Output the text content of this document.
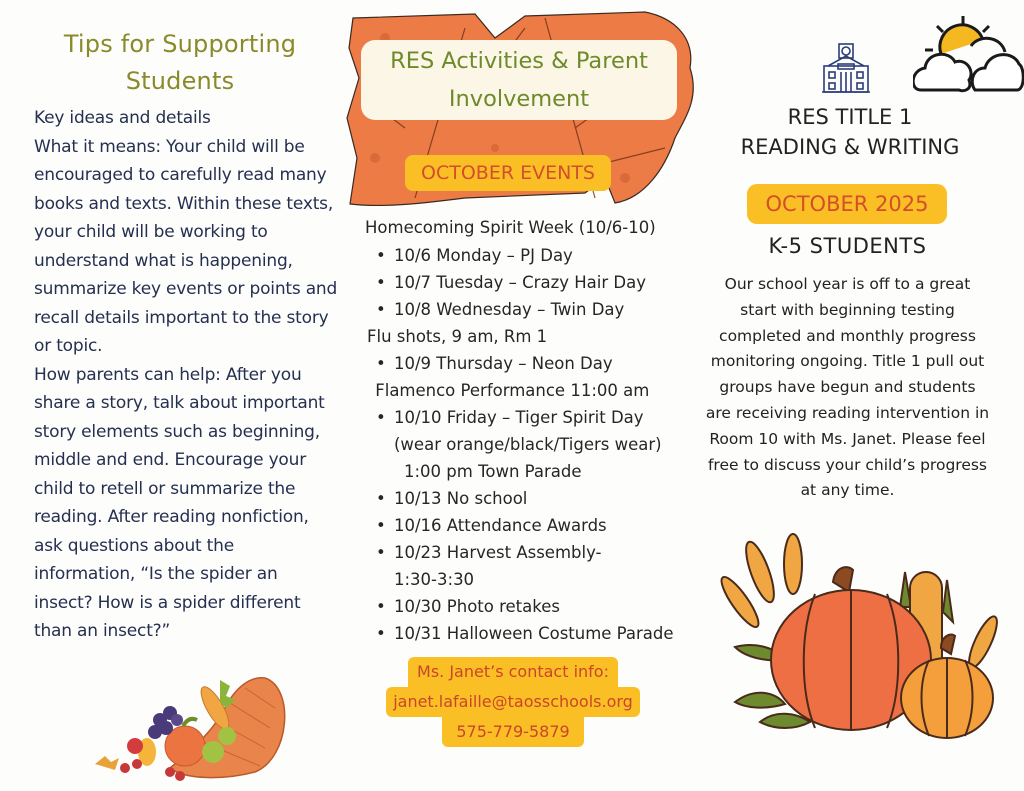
Tips for Supporting Students

Key ideas and details

What it means: Your child will be encouraged to carefully read many books and texts. Within these texts, your child will be working to understand what is happening, summarize key events or points and recall details important to the story or topic.

How parents can help: After you share a story, talk about important story elements such as beginning, middle and end. Encourage your child to retell or summarize the reading. After reading nonfiction, ask questions about the information, “Is the spider an insect? How is a spider different than an insect?”

RES Activities & Parent
Involvement
OCTOBER EVENTS
Homecoming Spirit Week (10/6-10)
• 10/6 Monday – PJ Day
• 10/7 Tuesday – Crazy Hair Day
• 10/8 Wednesday – Twin Day
Flu shots, 9 am, Rm 1
• 10/9 Thursday – Neon Day
Flamenco Performance 11:00 am
• 10/10 Friday – Tiger Spirit Day
(wear orange/black/Tigers wear)
1:00 pm Town Parade
• 10/13 No school
• 10/16 Attendance Awards
• 10/23 Harvest Assembly-
1:30-3:30
• 10/30 Photo retakes
• 10/31 Halloween Costume Parade
Ms. Janet’s contact info:
janet.lafaille@taosschools.org
575-779-5879
RES TITLE 1
READING & WRITING
OCTOBER 2025
K-5 STUDENTS
Our school year is off to a great start with beginning testing completed and monthly progress monitoring ongoing. Title 1 pull out groups have begun and students are receiving reading intervention in Room 10 with Ms. Janet. Please feel free to discuss your child’s progress at any time.
